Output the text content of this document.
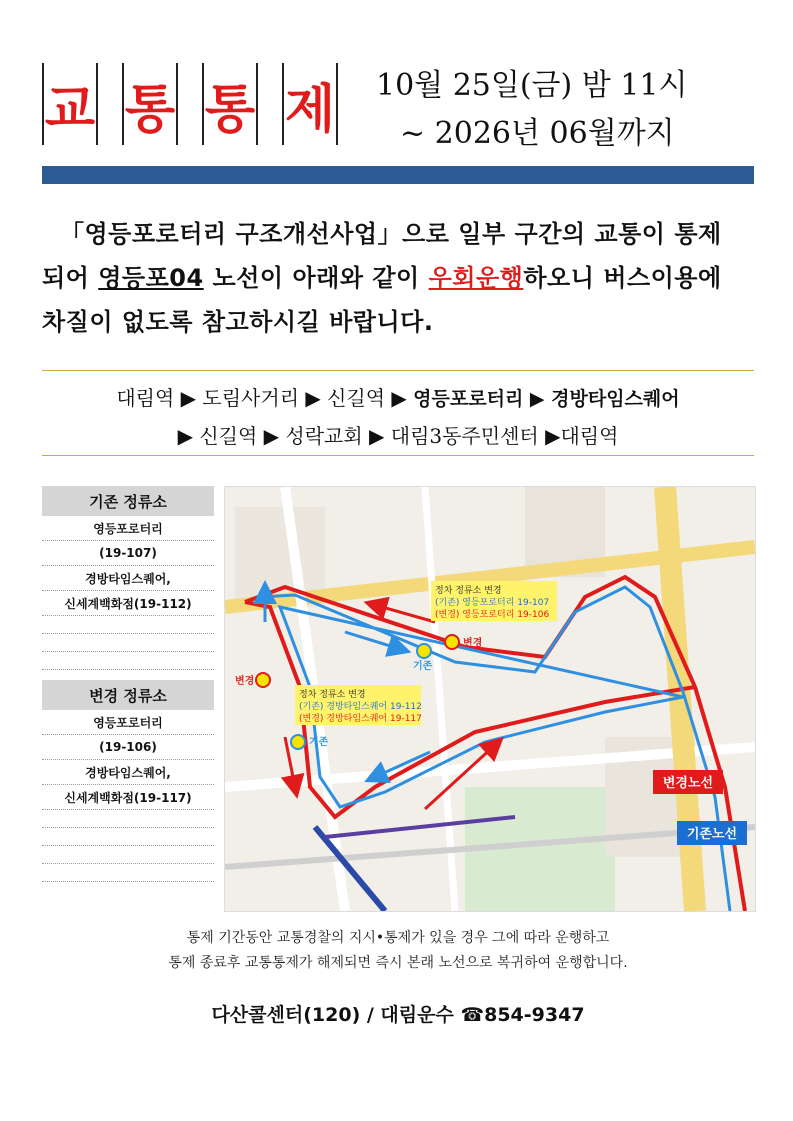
교 통 통 제 10월 25일(금) 밤 11시
~ 2026년 06월까지
「영등포로터리 구조개선사업」으로 일부 구간의 교통이 통제
되어 영등포04 노선이 아래와 같이 우회운행하오니 버스이용에
차질이 없도록 참고하시길 바랍니다.
대림역 ▶ 도림사거리 ▶ 신길역 ▶ 영등포로터리 ▶ 경방타임스퀘어
▶ 신길역 ▶ 성락교회 ▶ 대림3동주민센터 ▶대림역
기존 정류소
영등포로터리
(19-107)
경방타임스퀘어,
신세계백화점(19-112)
변경 정류소
영등포로터리
(19-106)
경방타임스퀘어,
신세계백화점(19-117)
변경
기존
변경
기존
정차 정류소 변경
(기존) 영등포로터리 19-107
(변경) 영등포로터리 19-106
정차 정류소 변경
(기존) 경방타임스퀘어 19-112
(변경) 경방타임스퀘어 19-117
변경노선
기존노선
통제 기간동안 교통경찰의 지시•통제가 있을 경우 그에 따라 운행하고
통제 종료후 교통통제가 해제되면 즉시 본래 노선으로 복귀하여 운행합니다.
다산콜센터(120) / 대림운수 ☎854-9347
